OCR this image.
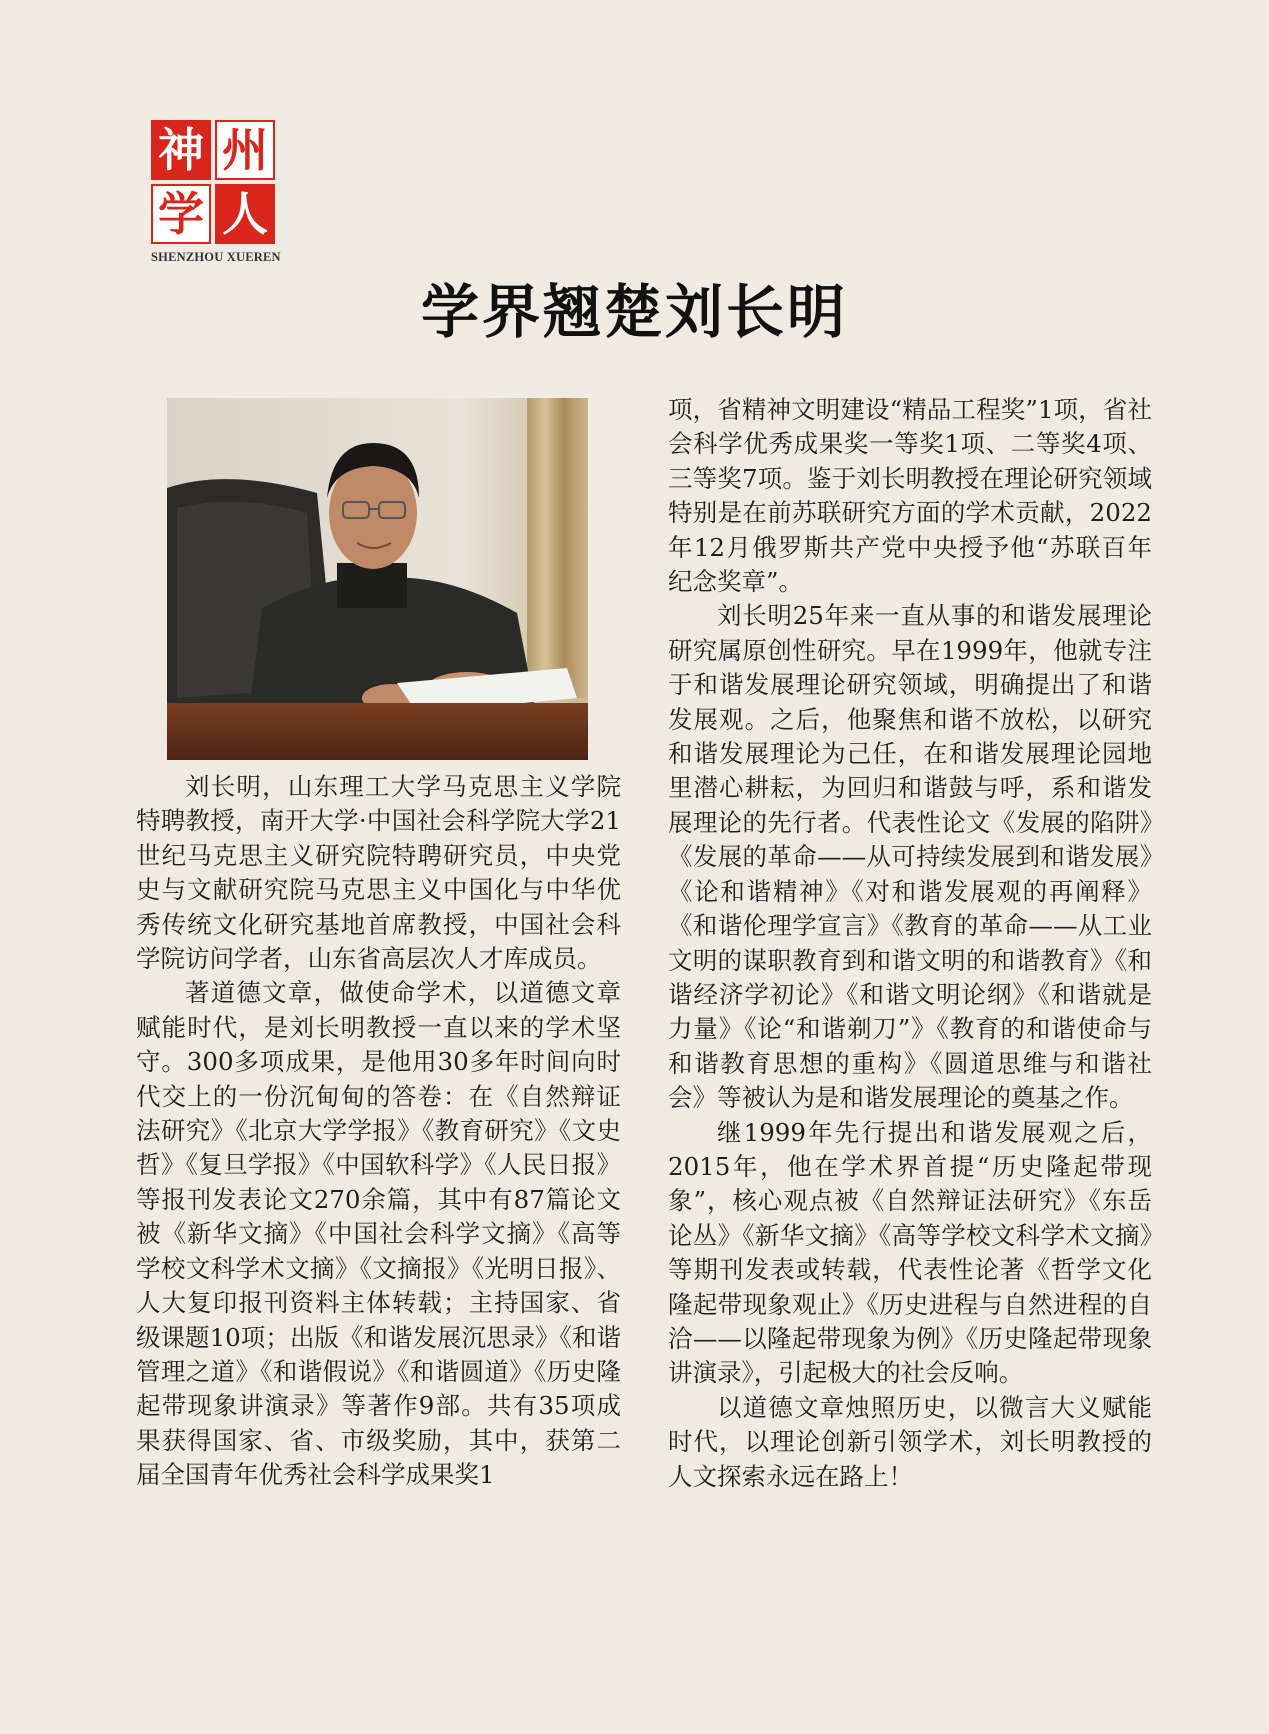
神 州
学 人
SHENZHOU XUEREN
学界翘楚刘长明

刘长明，山东理工大学马克思主义学院特聘教授，南开大学·中国社会科学院大学21世纪马克思主义研究院特聘研究员，中央党史与文献研究院马克思主义中国化与中华优秀传统文化研究基地首席教授，中国社会科学院访问学者，山东省高层次人才库成员。

著道德文章，做使命学术，以道德文章赋能时代，是刘长明教授一直以来的学术坚守。300多项成果，是他用30多年时间向时代交上的一份沉甸甸的答卷：在《自然辩证法研究》《北京大学学报》《教育研究》《文史哲》《复旦学报》《中国软科学》《人民日报》等报刊发表论文270余篇，其中有87篇论文被《新华文摘》《中国社会科学文摘》《高等学校文科学术文摘》《文摘报》《光明日报》、人大复印报刊资料主体转载；主持国家、省级课题10项；出版《和谐发展沉思录》《和谐管理之道》《和谐假说》《和谐圆道》《历史隆起带现象讲演录》等著作9部。共有35项成果获得国家、省、市级奖励，其中，获第二届全国青年优秀社会科学成果奖1

项，省精神文明建设“精品工程奖”1项，省社会科学优秀成果奖一等奖1项、二等奖4项、三等奖7项。鉴于刘长明教授在理论研究领域特别是在前苏联研究方面的学术贡献，2022年12月俄罗斯共产党中央授予他“苏联百年纪念奖章”。

刘长明25年来一直从事的和谐发展理论研究属原创性研究。早在1999年，他就专注于和谐发展理论研究领域，明确提出了和谐发展观。之后，他聚焦和谐不放松，以研究和谐发展理论为己任，在和谐发展理论园地里潜心耕耘，为回归和谐鼓与呼，系和谐发展理论的先行者。代表性论文《发展的陷阱》《发展的革命——从可持续发展到和谐发展》《论和谐精神》《对和谐发展观的再阐释》《和谐伦理学宣言》《教育的革命——从工业文明的谋职教育到和谐文明的和谐教育》《和谐经济学初论》《和谐文明论纲》《和谐就是力量》《论“和谐剃刀”》《教育的和谐使命与和谐教育思想的重构》《圆道思维与和谐社会》等被认为是和谐发展理论的奠基之作。

继1999年先行提出和谐发展观之后，2015年，他在学术界首提“历史隆起带现象”，核心观点被《自然辩证法研究》《东岳论丛》《新华文摘》《高等学校文科学术文摘》等期刊发表或转载，代表性论著《哲学文化隆起带现象观止》《历史进程与自然进程的自洽——以隆起带现象为例》《历史隆起带现象讲演录》，引起极大的社会反响。

以道德文章烛照历史，以微言大义赋能时代，以理论创新引领学术，刘长明教授的人文探索永远在路上！
